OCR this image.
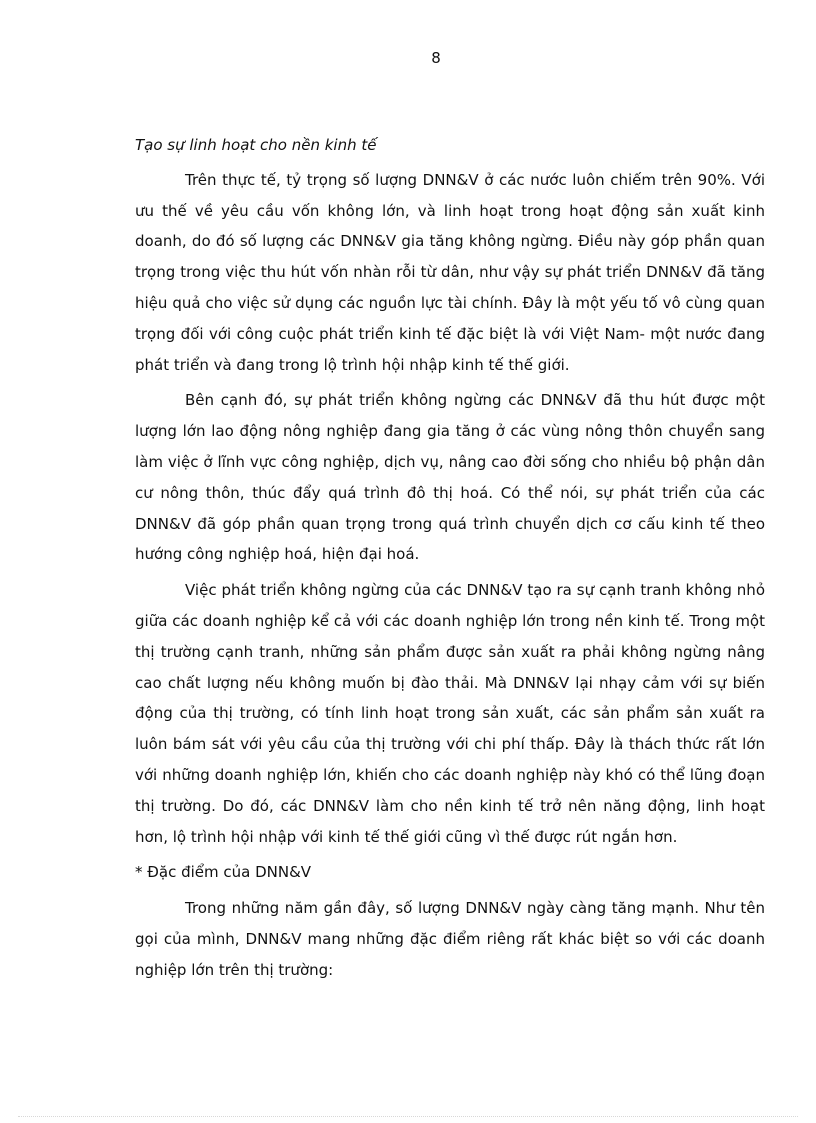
8

Tạo sự linh hoạt cho nền kinh tế

Trên thực tế, tỷ trọng số lượng DNN&V ở các nước luôn chiếm trên 90%. Với ưu thế về yêu cầu vốn không lớn, và linh hoạt trong hoạt động sản xuất kinh doanh, do đó số lượng các DNN&V gia tăng không ngừng. Điều này góp phần quan trọng trong việc thu hút vốn nhàn rỗi từ dân, như vậy sự phát triển DNN&V đã tăng hiệu quả cho việc sử dụng các nguồn lực tài chính. Đây là một yếu tố vô cùng quan trọng đối với công cuộc phát triển kinh tế đặc biệt là với Việt Nam- một nước đang phát triển và đang trong lộ trình hội nhập kinh tế thế giới.

Bên cạnh đó, sự phát triển không ngừng các DNN&V đã thu hút được một lượng lớn lao động nông nghiệp đang gia tăng ở các vùng nông thôn chuyển sang làm việc ở lĩnh vực công nghiệp, dịch vụ, nâng cao đời sống cho nhiều bộ phận dân cư nông thôn, thúc đẩy quá trình đô thị hoá. Có thể nói, sự phát triển của các DNN&V đã góp phần quan trọng trong quá trình chuyển dịch cơ cấu kinh tế theo hướng công nghiệp hoá, hiện đại hoá.

Việc phát triển không ngừng của các DNN&V tạo ra sự cạnh tranh không nhỏ giữa các doanh nghiệp kể cả với các doanh nghiệp lớn trong nền kinh tế. Trong một thị trường cạnh tranh, những sản phẩm được sản xuất ra phải không ngừng nâng cao chất lượng nếu không muốn bị đào thải. Mà DNN&V lại nhạy cảm với sự biến động của thị trường, có tính linh hoạt trong sản xuất, các sản phẩm sản xuất ra luôn bám sát với yêu cầu của thị trường với chi phí thấp. Đây là thách thức rất lớn với những doanh nghiệp lớn, khiến cho các doanh nghiệp này khó có thể lũng đoạn thị trường. Do đó, các DNN&V làm cho nền kinh tế trở nên năng động, linh hoạt hơn, lộ trình hội nhập với kinh tế thế giới cũng vì thế được rút ngắn hơn.

* Đặc điểm của DNN&V

Trong những năm gần đây, số lượng DNN&V ngày càng tăng mạnh. Như tên gọi của mình, DNN&V mang những đặc điểm riêng rất khác biệt so với các doanh nghiệp lớn trên thị trường:
